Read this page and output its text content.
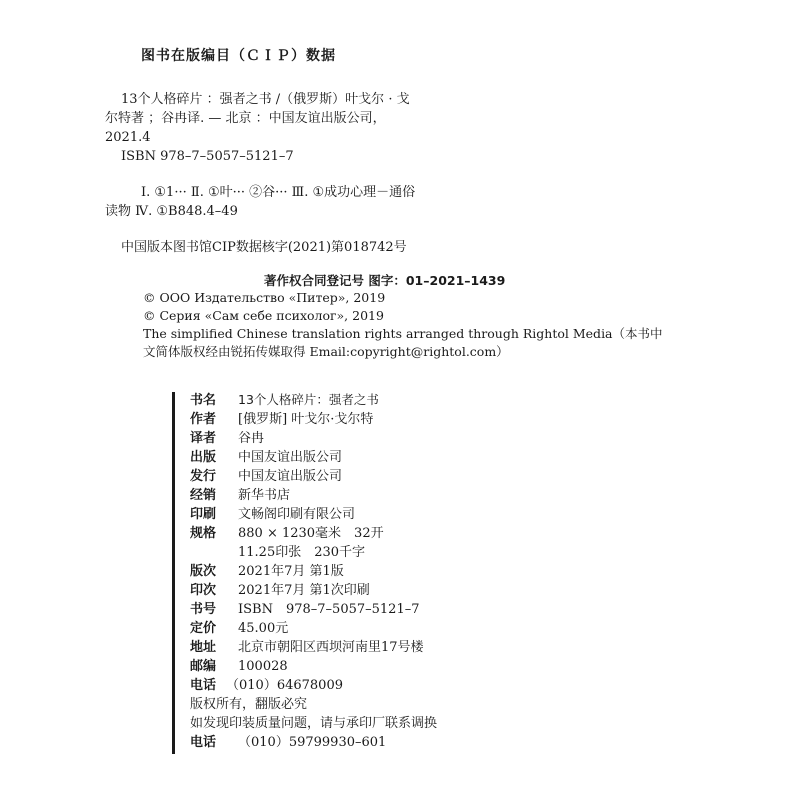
图书在版编目（ＣＩＰ）数据
13个人格碎片 ：强者之书 /（俄罗斯）叶戈尔 · 戈
尔特著 ；谷冉译. — 北京 ：中国友谊出版公司，
2021.4
ISBN 978–7–5057–5121–7
Ⅰ. ①1··· Ⅱ. ①叶··· ②谷··· Ⅲ. ①成功心理－通俗
读物 Ⅳ. ①B848.4–49
中国版本图书馆CIP数据核字(2021)第018742号
著作权合同登记号 图字：01–2021–1439
© ООО Издательство «Питер», 2019
© Серия «Сам себе психолог», 2019
The simplified Chinese translation rights arranged through Rightol Media（本书中
文简体版权经由锐拓传媒取得 Email:copyright@rightol.com）
书名 13个人格碎片：强者之书
作者 [俄罗斯] 叶戈尔·戈尔特
译者 谷冉
出版 中国友谊出版公司
发行 中国友谊出版公司
经销 新华书店
印刷 文畅阁印刷有限公司
规格 880 × 1230毫米　32开
11.25印张　230千字
版次 2021年7月 第1版
印次 2021年7月 第1次印刷
书号 ISBN　978–7–5057–5121–7
定价 45.00元
地址 北京市朝阳区西坝河南里17号楼
邮编 100028
电话 （010）64678009
版权所有，翻版必究
如发现印装质量问题，请与承印厂联系调换
电话 （010）59799930–601
